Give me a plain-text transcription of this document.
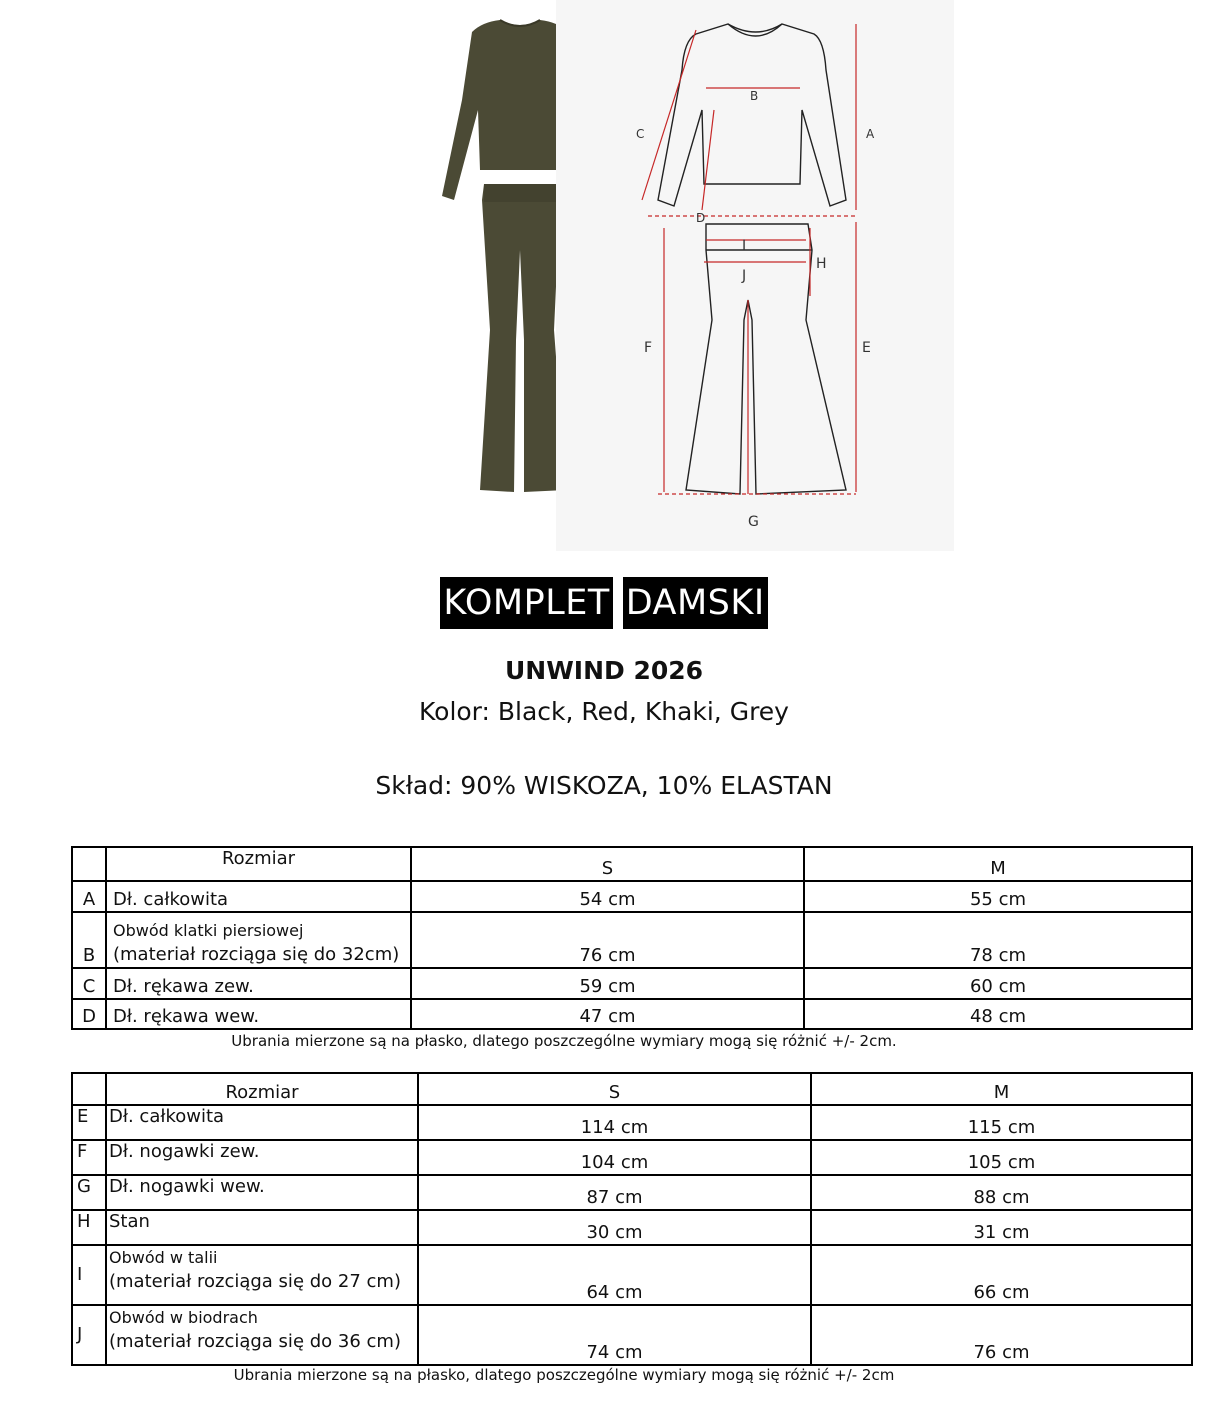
A
B
C
D
E
F
G
H
I
J
KOMPLET DAMSKI
UNWIND 2026
Kolor: Black, Red, Khaki, Grey
Skład: 90% WISKOZA, 10% ELASTAN
	Rozmiar	S	M
A	Dł. całkowita	54 cm	55 cm
B	Obwód klatki piersiowej
(materiał rozciąga się do 32cm)	76 cm	78 cm
C	Dł. rękawa zew.	59 cm	60 cm
D	Dł. rękawa wew.	47 cm	48 cm
Ubrania mierzone są na płasko, dlatego poszczególne wymiary mogą się różnić +/- 2cm.
	Rozmiar	S	M
E	Dł. całkowita	114 cm	115 cm
F	Dł. nogawki zew.	104 cm	105 cm
G	Dł. nogawki wew.	87 cm	88 cm
H	Stan	30 cm	31 cm
I	Obwód w talii
(materiał rozciąga się do 27 cm)	64 cm	66 cm
J	Obwód w biodrach
(materiał rozciąga się do 36 cm)	74 cm	76 cm
Ubrania mierzone są na płasko, dlatego poszczególne wymiary mogą się różnić +/- 2cm
